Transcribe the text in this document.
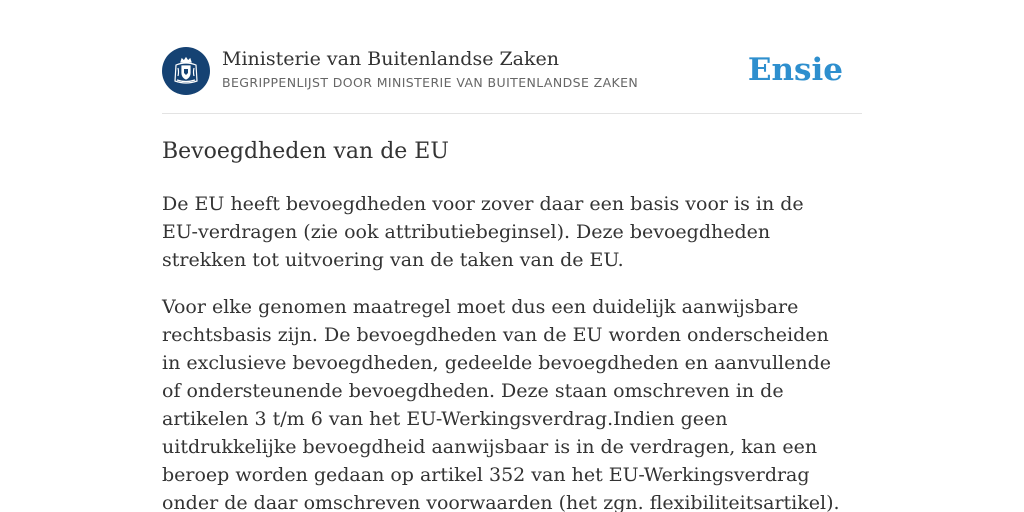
Ministerie van Buitenlandse Zaken
BEGRIPPENLIJST DOOR MINISTERIE VAN BUITENLANDSE ZAKEN	Ensie
Bevoegdheden van de EU

De EU heeft bevoegdheden voor zover daar een basis voor is in de EU-verdragen (zie ook attributiebeginsel). Deze bevoegdheden strekken tot uitvoering van de taken van de EU.

Voor elke genomen maatregel moet dus een duidelijk aanwijsbare rechtsbasis zijn. De bevoegdheden van de EU worden onderscheiden in exclusieve bevoegdheden, gedeelde bevoegdheden en aanvullende of ondersteunende bevoegdheden. Deze staan omschreven in de artikelen 3 t/m 6 van het EU-Werkingsverdrag.Indien geen uitdrukkelijke bevoegdheid aanwijsbaar is in de verdragen, kan een beroep worden gedaan op artikel 352 van het EU-Werkingsverdrag onder de daar omschreven voorwaarden (het zgn. flexibiliteitsartikel).
